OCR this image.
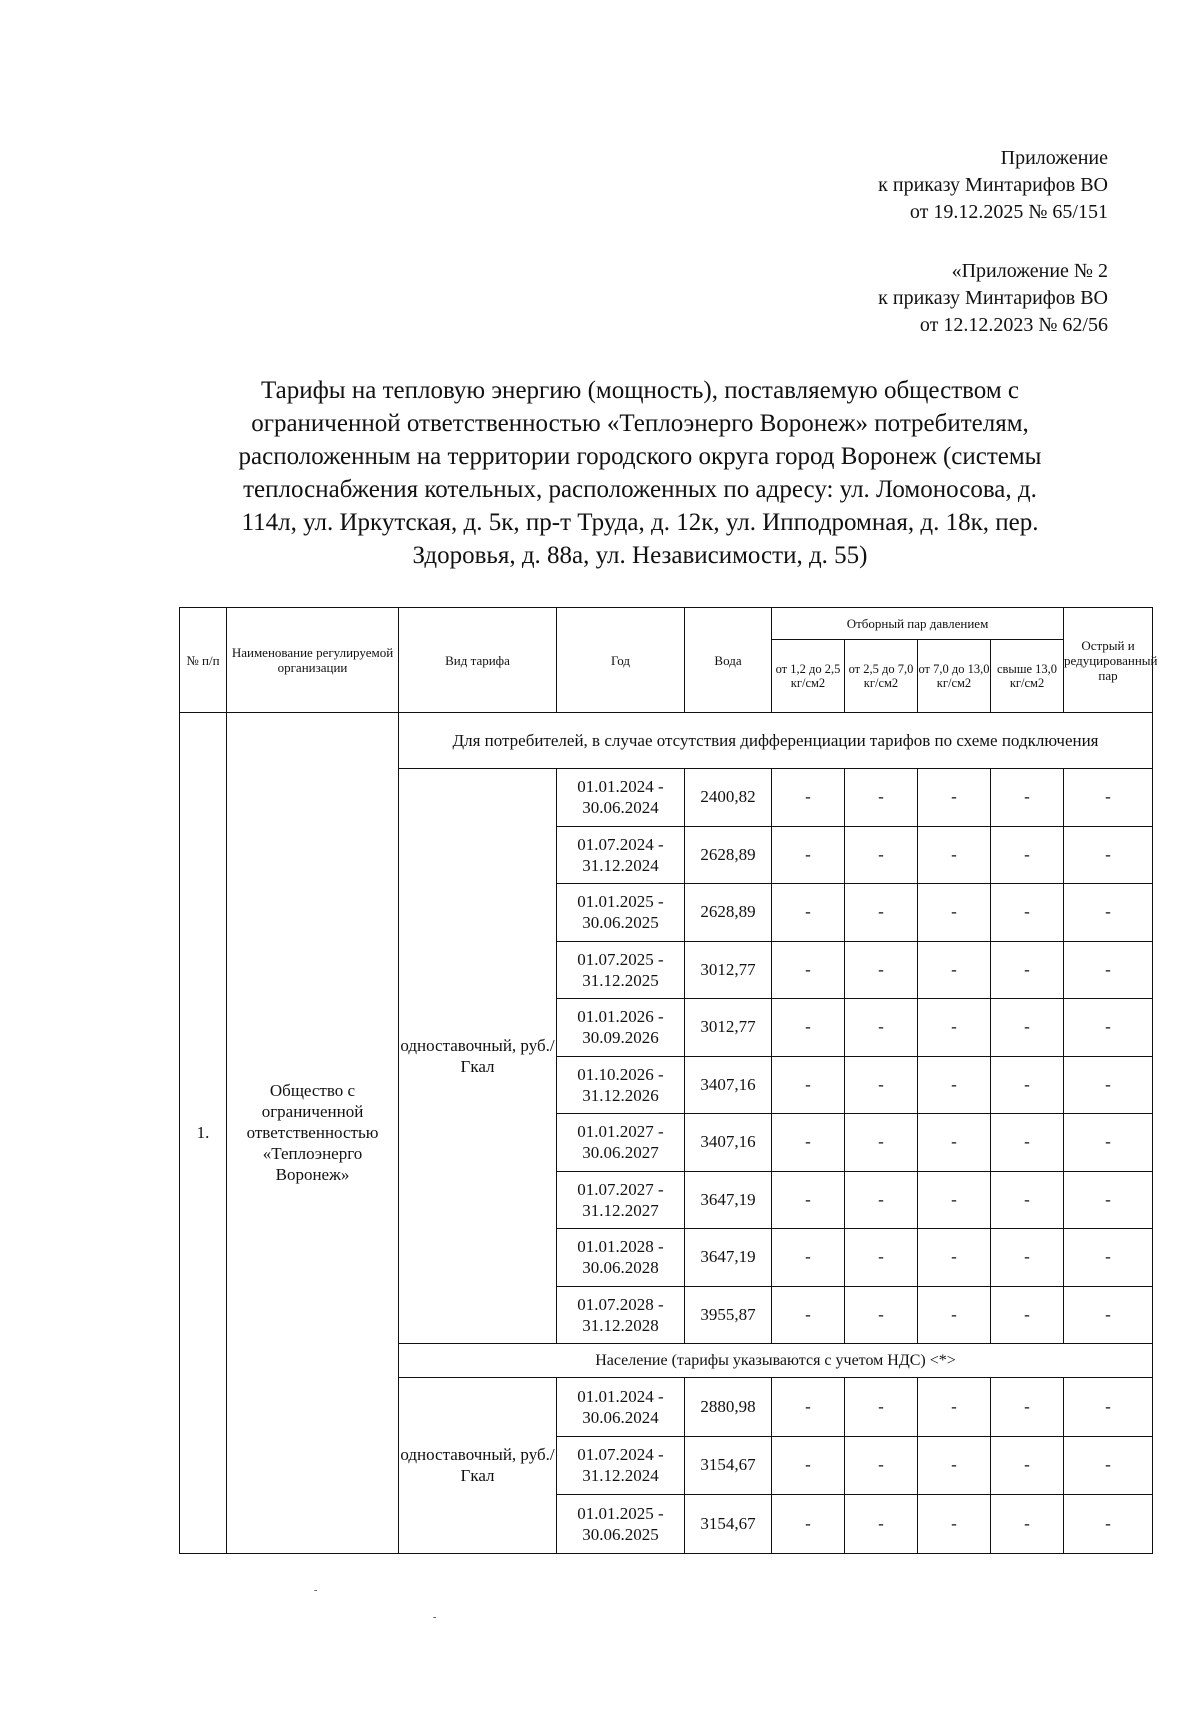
Приложение
к приказу Минтарифов ВО
от 19.12.2025 № 65/151
«Приложение № 2
к приказу Минтарифов ВО
от 12.12.2023 № 62/56
Тарифы на тепловую энергию (мощность), поставляемую обществом с
ограниченной ответственностью «Теплоэнерго Воронеж» потребителям,
расположенным на территории городского округа город Воронеж (системы
теплоснабжения котельных, расположенных по адресу: ул. Ломоносова, д.
114л, ул. Иркутская, д. 5к, пр-т Труда, д. 12к, ул. Ипподромная, д. 18к, пер.
Здоровья, д. 88а, ул. Независимости, д. 55)
№ п/п	Наименование регулируемой организации	Вид тарифа	Год	Вода	Отборный пар давлением				Острый и редуцированный пар
					от 1,2 до 2,5 кг/см2	от 2,5 до 7,0 кг/см2	от 7,0 до 13,0 кг/см2	свыше 13,0 кг/см2	
1.	Общество с ограниченной ответственностью «Теплоэнерго Воронеж»	Для потребителей, в случае отсутствия дифференциации тарифов по схеме подключения							
		одноставочный, руб./Гкал	01.01.2024 - 30.06.2024	2400,82	-	-	-	-	-
			01.07.2024 - 31.12.2024	2628,89	-	-	-	-	-
			01.01.2025 - 30.06.2025	2628,89	-	-	-	-	-
			01.07.2025 - 31.12.2025	3012,77	-	-	-	-	-
			01.01.2026 - 30.09.2026	3012,77	-	-	-	-	-
			01.10.2026 - 31.12.2026	3407,16	-	-	-	-	-
			01.01.2027 - 30.06.2027	3407,16	-	-	-	-	-
			01.07.2027 - 31.12.2027	3647,19	-	-	-	-	-
			01.01.2028 - 30.06.2028	3647,19	-	-	-	-	-
			01.07.2028 - 31.12.2028	3955,87	-	-	-	-	-
		Население (тарифы указываются с учетом НДС) <*>							
		одноставочный, руб./Гкал	01.01.2024 - 30.06.2024	2880,98	-	-	-	-	-
			01.07.2024 - 31.12.2024	3154,67	-	-	-	-	-
			01.01.2025 - 30.06.2025	3154,67	-	-	-	-	-
‑
‑
